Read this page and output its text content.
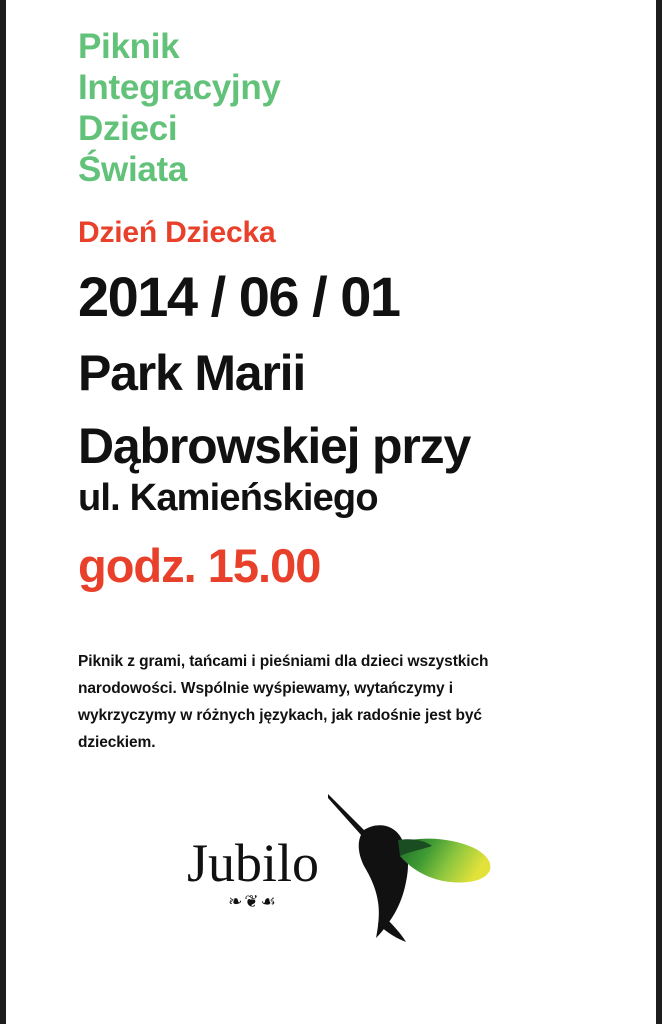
Piknik
Integracyjny
Dzieci
Świata
Dzień Dziecka
2014 / 06 / 01
Park Marii
Dąbrowskiej przy
ul. Kamieńskiego
godz. 15.00
Piknik z grami, tańcami i pieśniami dla dzieci wszystkich narodowości. Wspólnie wyśpiewamy, wytańczymy i wykrzyczymy w różnych językach, jak radośnie jest być dzieckiem.
Jubilo
❧❦☙
